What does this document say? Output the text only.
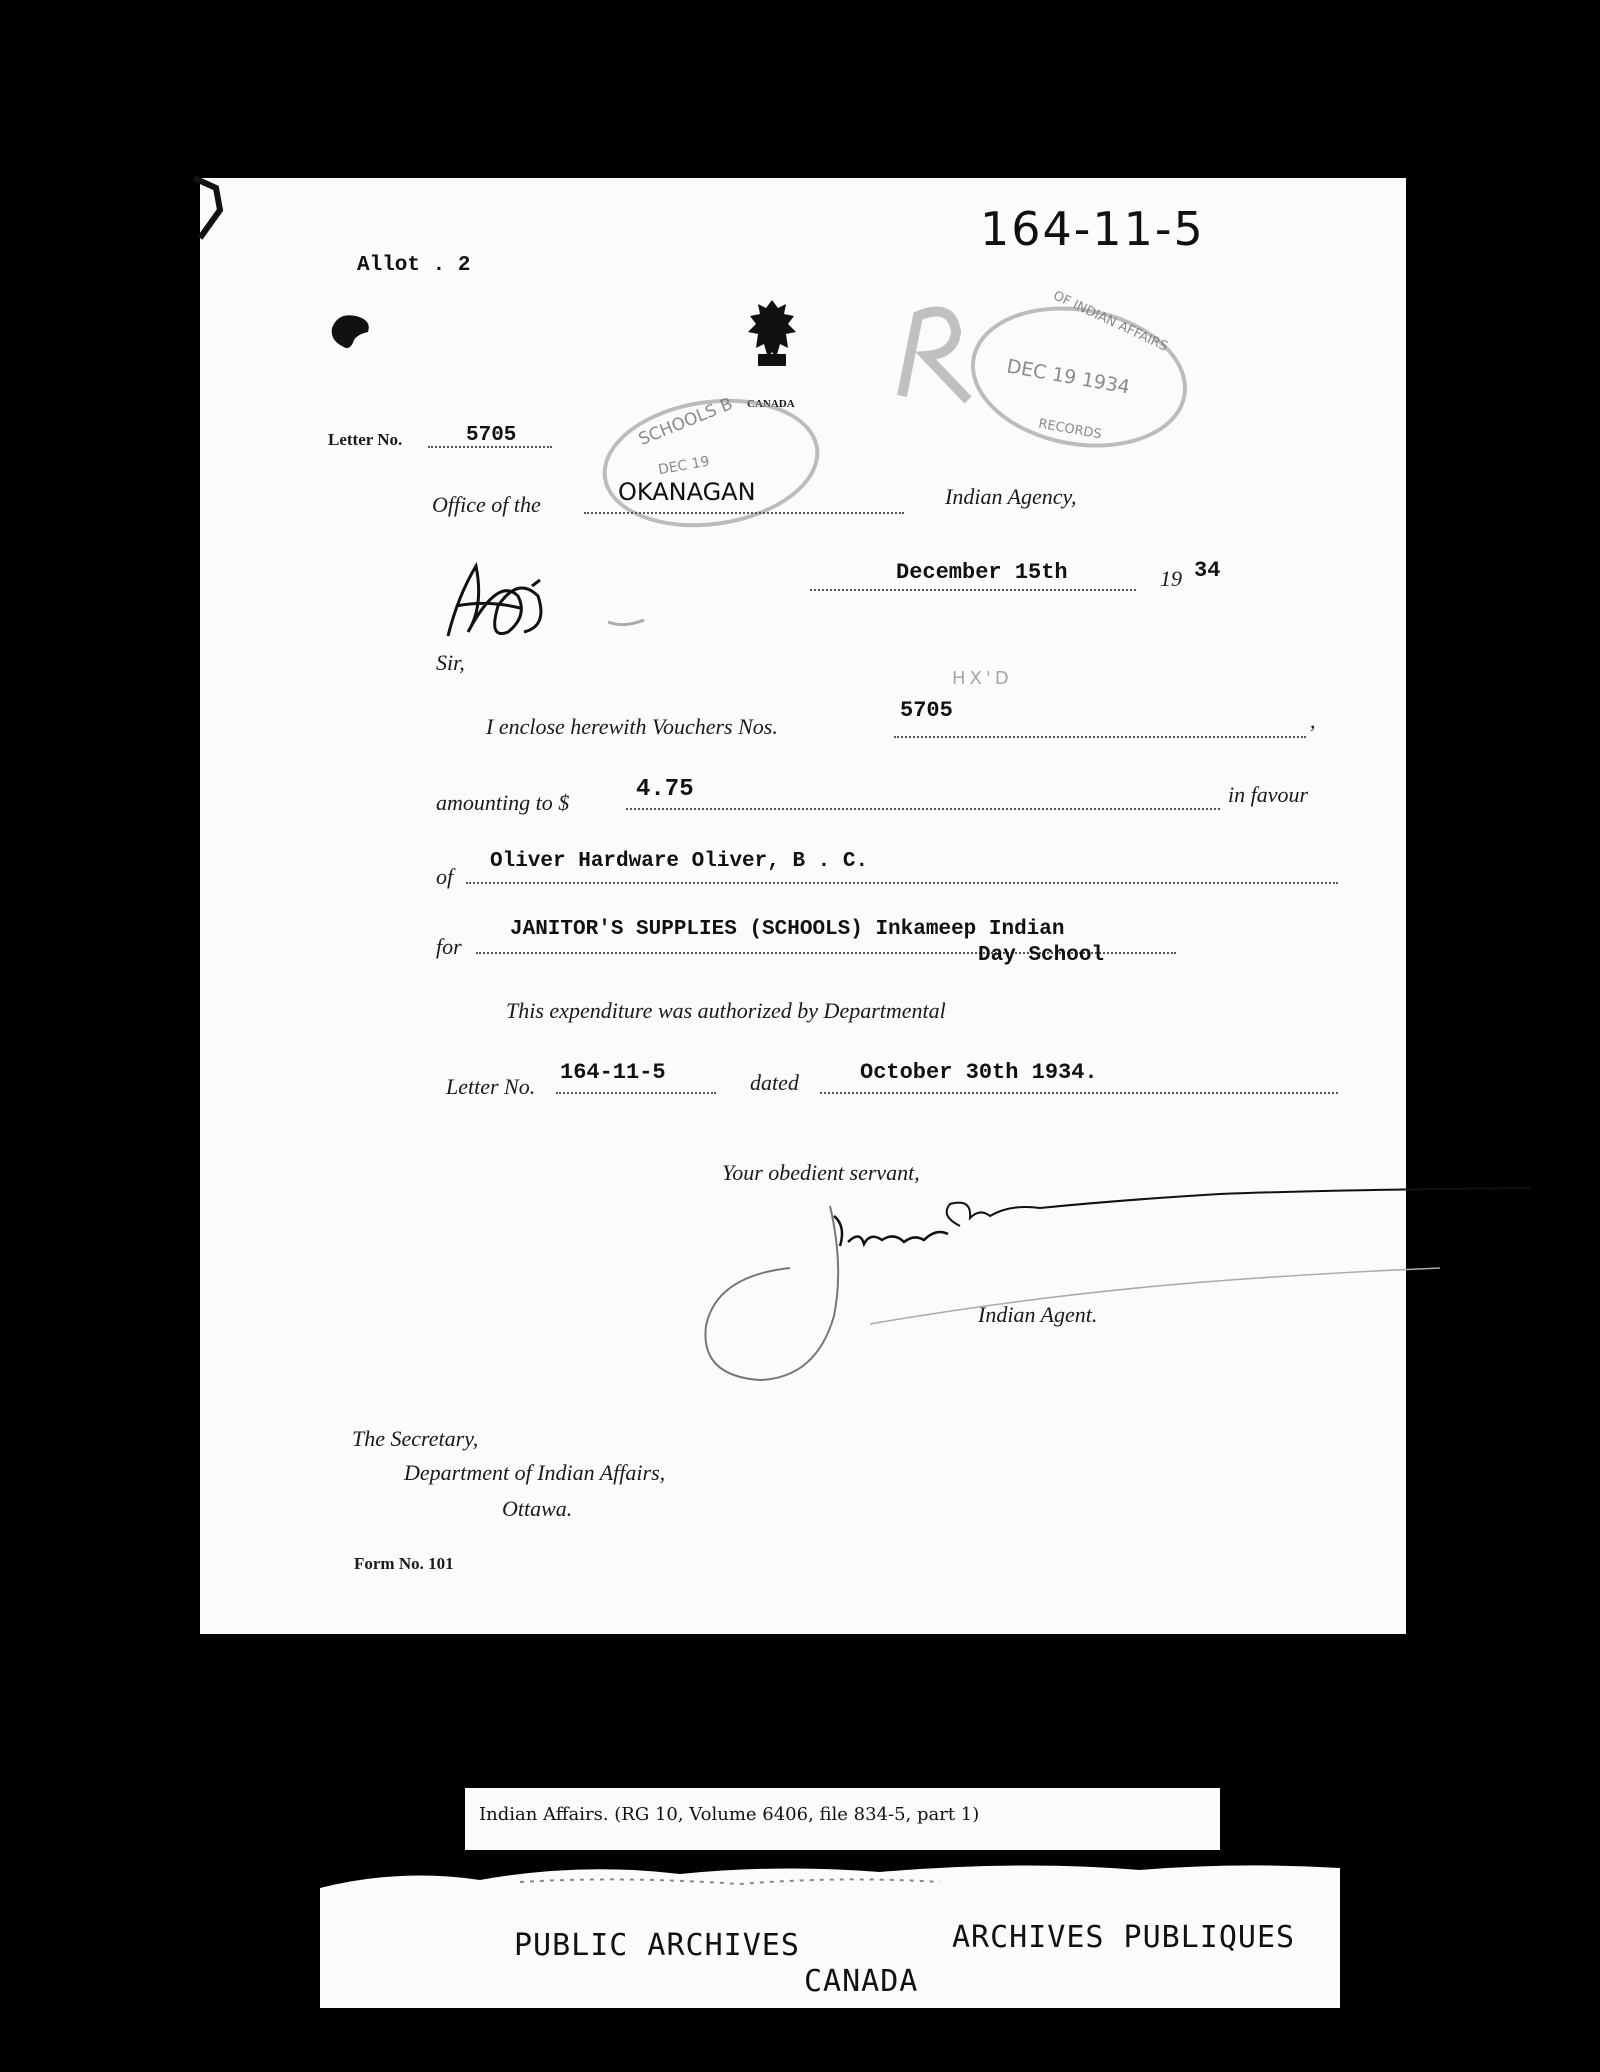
Allot . 2
164-11-5
CANADA
OF INDIAN AFFAIRS
DEC 19 1934
RECORDS
SCHOOLS B
DEC 19
Letter No.	5705
Office of the	OKANAGAN	Indian Agency,
December 15th	19 34
Sir,
HX'D
I enclose herewith Vouchers Nos.
5705	,
amounting to $	4.75	in favour
of
Oliver Hardware Oliver, B . C.
for
JANITOR'S SUPPLIES (SCHOOLS) Inkameep Indian
Day School
This expenditure was authorized by Departmental
Letter No.
164-11-5	dated	October 30th 1934.
Your obedient servant,
Indian Agent.
The Secretary,
Department of Indian Affairs,
Ottawa.
Form No. 101
Indian Affairs. (RG 10, Volume 6406, file 834-5, part 1)
PUBLIC ARCHIVES	ARCHIVES PUBLIQUES
CANADA
